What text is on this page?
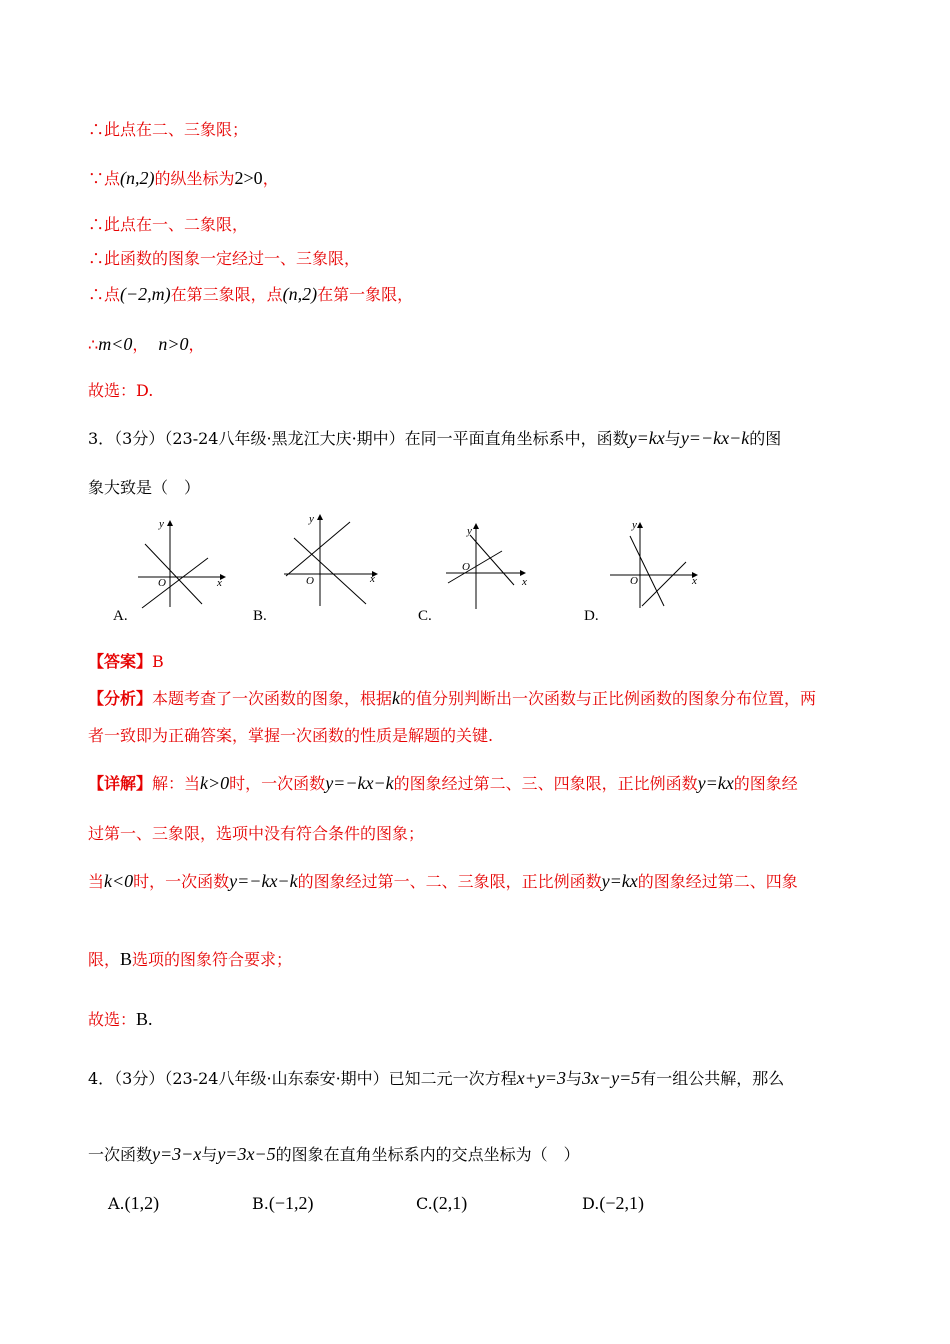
∴此点在二、三象限；
∵点(n,2)的纵坐标为2>0，
∴此点在一、二象限，
∴此函数的图象一定经过一、三象限，
∴点(−2,m)在第三象限，点(n,2)在第一象限，
∴m<0， n>0，
故选：D.
3．（3分）（23-24八年级·黑龙江大庆·期中）在同一平面直角坐标系中，函数y=kx与y=−kx−k的图
象大致是（　）
x
y
O
A.
x
y
O
B.
x
y
O
C.
x
y
O
D.
【答案】B
【分析】本题考查了一次函数的图象，根据k的值分别判断出一次函数与正比例函数的图象分布位置，两
者一致即为正确答案，掌握一次函数的性质是解题的关键.
【详解】解：当k>0时，一次函数y=−kx−k的图象经过第二、三、四象限，正比例函数y=kx的图象经
过第一、三象限，选项中没有符合条件的图象；
当k<0时，一次函数y=−kx−k的图象经过第一、二、三象限，正比例函数y=kx的图象经过第二、四象
限，B选项的图象符合要求；
故选：B.
4．（3分）（23-24八年级·山东泰安·期中）已知二元一次方程x+y=3与3x−y=5有一组公共解，那么
一次函数y=3−x与y=3x−5的图象在直角坐标系内的交点坐标为（　）
A.(1,2)	B.(−1,2)	C.(2,1)	D.(−2,1)
